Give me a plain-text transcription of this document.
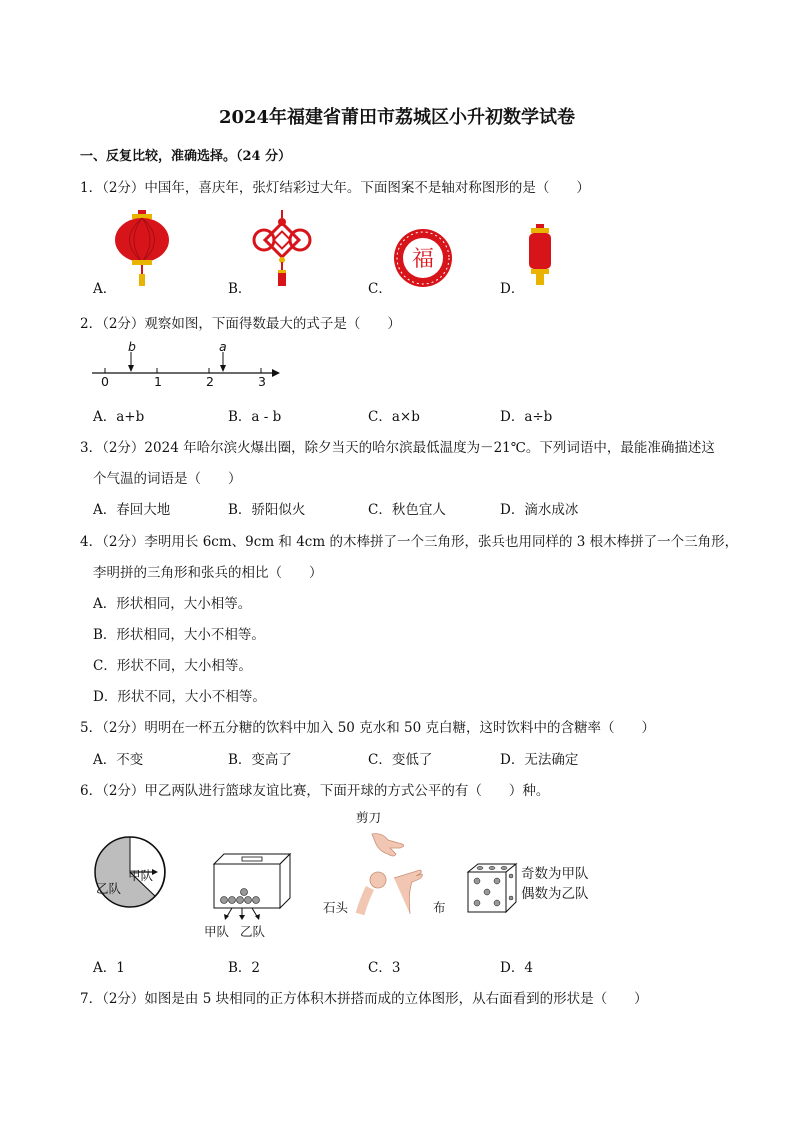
2024年福建省莆田市荔城区小升初数学试卷
一、反复比较，准确选择。（24 分）
1．（2分）中国年，喜庆年，张灯结彩过大年。下面图案不是轴对称图形的是（　　）
A．	B．
福
C．	D．
2．（2分）观察如图，下面得数最大的式子是（　　）
b	a
0	1	2	3
A．a+b	B．a - b	C．a×b	D．a÷b
3．（2分）2024 年哈尔滨火爆出圈，除夕当天的哈尔滨最低温度为－21℃。下列词语中，最能准确描述这
个气温的词语是（　　）
A．春回大地	B．骄阳似火	C．秋色宜人	D．滴水成冰
4．（2分）李明用长 6cm、9cm 和 4cm 的木棒拼了一个三角形，张兵也用同样的 3 根木棒拼了一个三角形，
李明拼的三角形和张兵的相比（　　）
A．形状相同，大小相等。
B．形状相同，大小不相等。
C．形状不同，大小相等。
D．形状不同，大小不相等。
5．（2分）明明在一杯五分糖的饮料中加入 50 克水和 50 克白糖，这时饮料中的含糖率（　　）
A．不变	B．变高了	C．变低了	D．无法确定
6．（2分）甲乙两队进行篮球友谊比赛，下面开球的方式公平的有（　　）种。
甲队
乙队
甲队 乙队
剪刀
石头	布
奇数为甲队
偶数为乙队
A．1	B．2	C．3	D．4
7．（2分）如图是由 5 块相同的正方体积木拼搭而成的立体图形，从右面看到的形状是（　　）
